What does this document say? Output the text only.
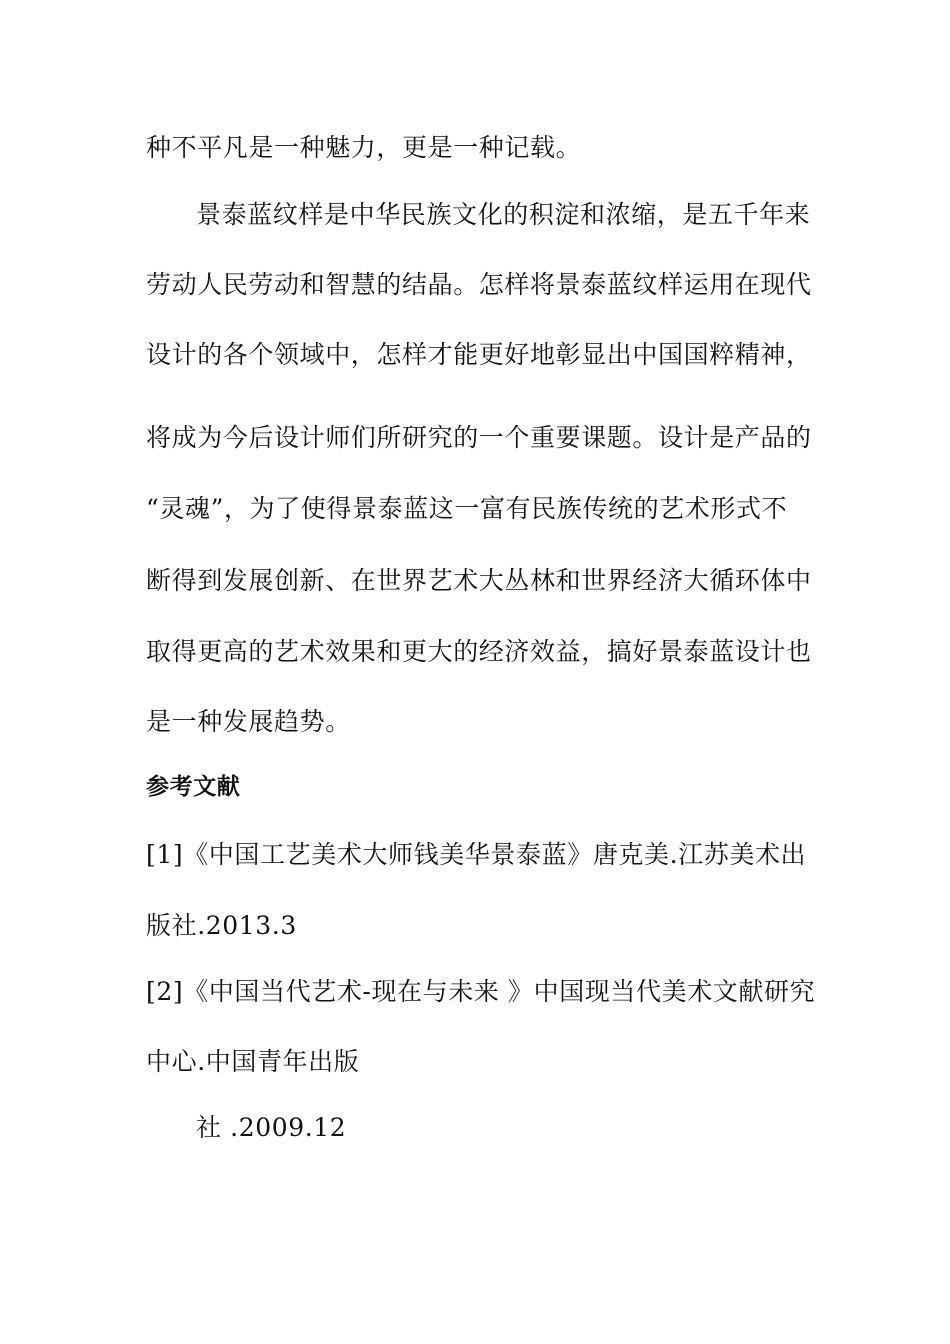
种不平凡是一种魅力，更是一种记载。

景泰蓝纹样是中华民族文化的积淀和浓缩，是五千年来

劳动人民劳动和智慧的结晶。怎样将景泰蓝纹样运用在现代

设计的各个领域中，怎样才能更好地彰显出中国国粹精神，

将成为今后设计师们所研究的一个重要课题。设计是产品的

“灵魂”，为了使得景泰蓝这一富有民族传统的艺术形式不

断得到发展创新、在世界艺术大丛林和世界经济大循环体中

取得更高的艺术效果和更大的经济效益，搞好景泰蓝设计也

是一种发展趋势。

参考文献

[1]《中国工艺美术大师钱美华景泰蓝》唐克美.江苏美术出

版社.2013.3

[2]《中国当代艺术-现在与未来 》中国现当代美术文献研究

中心.中国青年出版

社 .2009.12
